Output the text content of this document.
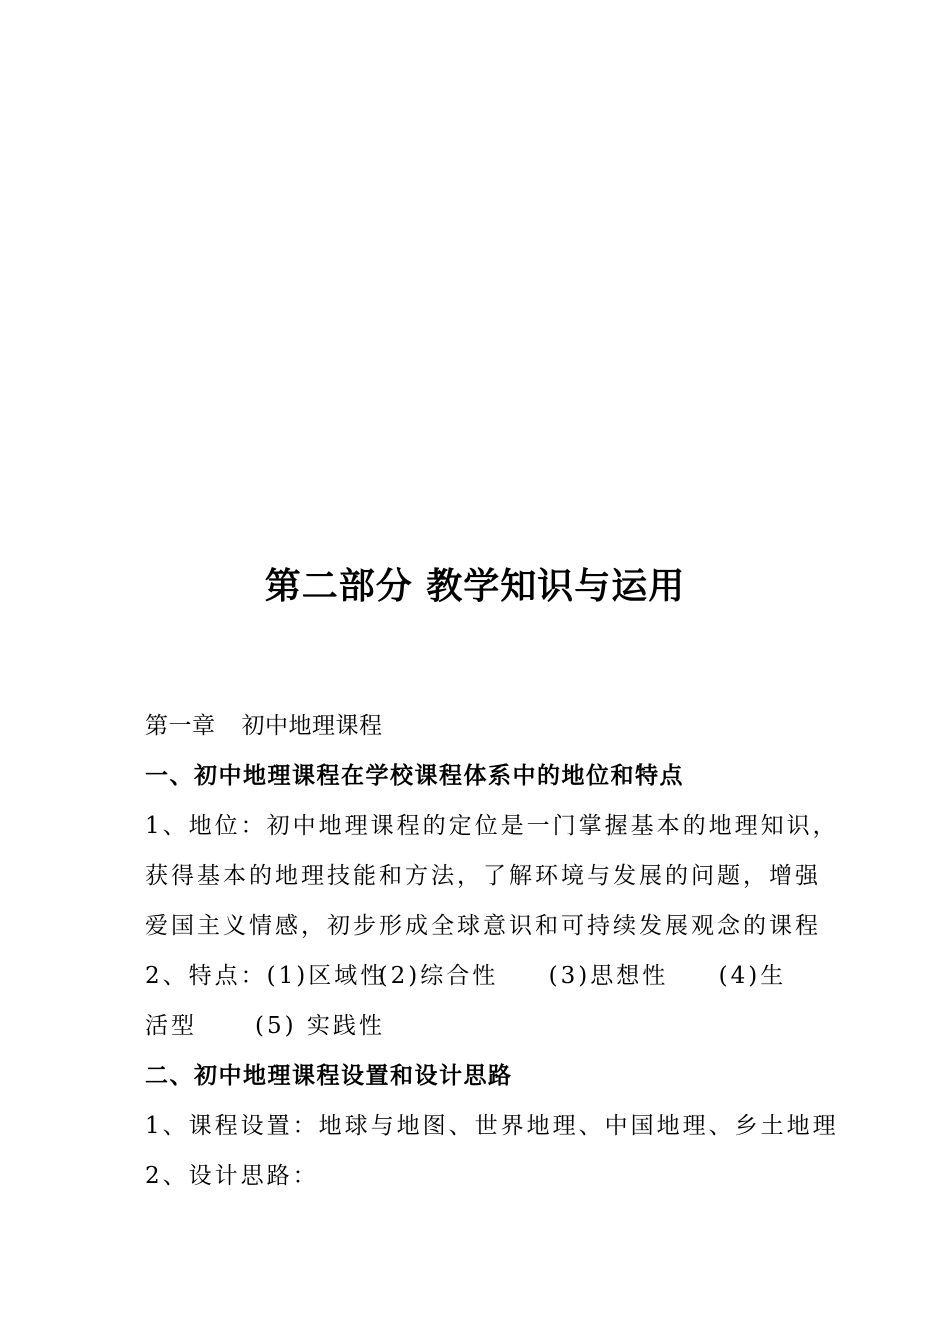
第二部分 教学知识与运用
第一章 初中地理课程
一、初中地理课程在学校课程体系中的地位和特点
1、地位：初中地理课程的定位是一门掌握基本的地理知识，
获得基本的地理技能和方法，了解环境与发展的问题，增强
爱国主义情感，初步形成全球意识和可持续发展观念的课程
2、特点：(1)区域性(2)综合性 (3)思想性 (4)生
活型	(5) 实践性
二、初中地理课程设置和设计思路
1、课程设置：地球与地图、世界地理、中国地理、乡土地理
2、设计思路：
